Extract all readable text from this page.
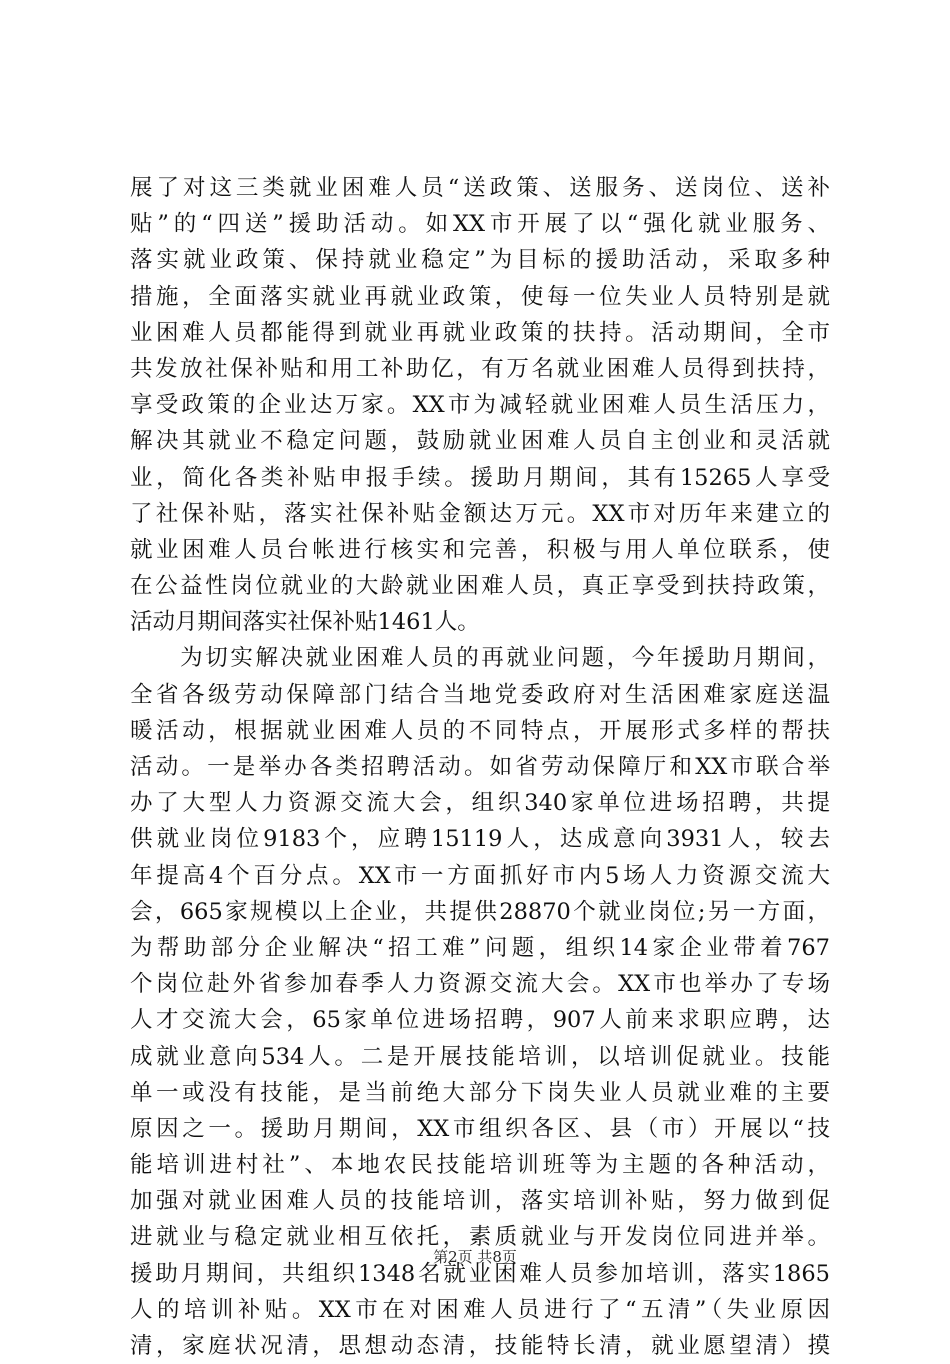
展了对这三类就业困难人员“送政策、送服务、送岗位、送补
贴”的“四送”援助活动。如XX市开展了以“强化就业服务、
落实就业政策、保持就业稳定”为目标的援助活动，采取多种
措施，全面落实就业再就业政策，使每一位失业人员特别是就
业困难人员都能得到就业再就业政策的扶持。活动期间，全市
共发放社保补贴和用工补助亿，有万名就业困难人员得到扶持，
享受政策的企业达万家。XX市为减轻就业困难人员生活压力，
解决其就业不稳定问题，鼓励就业困难人员自主创业和灵活就
业，简化各类补贴申报手续。援助月期间，其有15265人享受
了社保补贴，落实社保补贴金额达万元。XX市对历年来建立的
就业困难人员台帐进行核实和完善，积极与用人单位联系，使
在公益性岗位就业的大龄就业困难人员，真正享受到扶持政策，
活动月期间落实社保补贴1461人。
　　为切实解决就业困难人员的再就业问题，今年援助月期间，
全省各级劳动保障部门结合当地党委政府对生活困难家庭送温
暖活动，根据就业困难人员的不同特点，开展形式多样的帮扶
活动。一是举办各类招聘活动。如省劳动保障厅和XX市联合举
办了大型人力资源交流大会，组织340家单位进场招聘，共提
供就业岗位9183个，应聘15119人，达成意向3931人，较去
年提高4个百分点。XX市一方面抓好市内5场人力资源交流大
会，665家规模以上企业，共提供28870个就业岗位;另一方面，
为帮助部分企业解决“招工难”问题，组织14家企业带着767
个岗位赴外省参加春季人力资源交流大会。XX市也举办了专场
人才交流大会，65家单位进场招聘，907人前来求职应聘，达
成就业意向534人。二是开展技能培训，以培训促就业。技能
单一或没有技能，是当前绝大部分下岗失业人员就业难的主要
原因之一。援助月期间，XX市组织各区、县（市）开展以“技
能培训进村社”、本地农民技能培训班等为主题的各种活动，
加强对就业困难人员的技能培训，落实培训补贴，努力做到促
进就业与稳定就业相互依托，素质就业与开发岗位同进并举。
援助月期间，共组织1348名就业困难人员参加培训，落实1865
人的培训补贴。XX市在对困难人员进行了“五清”（失业原因
清，家庭状况清，思想动态清，技能特长清，就业愿望清）摸
第2页 共8页
